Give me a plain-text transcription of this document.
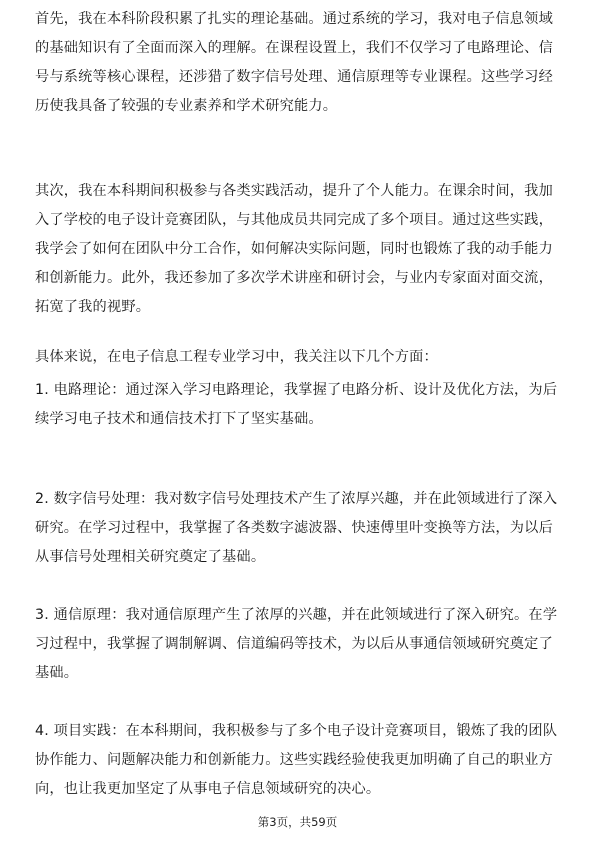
首先，我在本科阶段积累了扎实的理论基础。通过系统的学习，我对电子信息领域的基础知识有了全面而深入的理解。在课程设置上，我们不仅学习了电路理论、信号与系统等核心课程，还涉猎了数字信号处理、通信原理等专业课程。这些学习经历使我具备了较强的专业素养和学术研究能力。

其次，我在本科期间积极参与各类实践活动，提升了个人能力。在课余时间，我加入了学校的电子设计竞赛团队，与其他成员共同完成了多个项目。通过这些实践，我学会了如何在团队中分工合作，如何解决实际问题，同时也锻炼了我的动手能力和创新能力。此外，我还参加了多次学术讲座和研讨会，与业内专家面对面交流，拓宽了我的视野。

具体来说，在电子信息工程专业学习中，我关注以下几个方面：

1. 电路理论：通过深入学习电路理论，我掌握了电路分析、设计及优化方法，为后续学习电子技术和通信技术打下了坚实基础。

2. 数字信号处理：我对数字信号处理技术产生了浓厚兴趣，并在此领域进行了深入研究。在学习过程中，我掌握了各类数字滤波器、快速傅里叶变换等方法，为以后从事信号处理相关研究奠定了基础。

3. 通信原理：我对通信原理产生了浓厚的兴趣，并在此领域进行了深入研究。在学习过程中，我掌握了调制解调、信道编码等技术，为以后从事通信领域研究奠定了基础。

4. 项目实践：在本科期间，我积极参与了多个电子设计竞赛项目，锻炼了我的团队协作能力、问题解决能力和创新能力。这些实践经验使我更加明确了自己的职业方向，也让我更加坚定了从事电子信息领域研究的决心。

第3页，共59页
